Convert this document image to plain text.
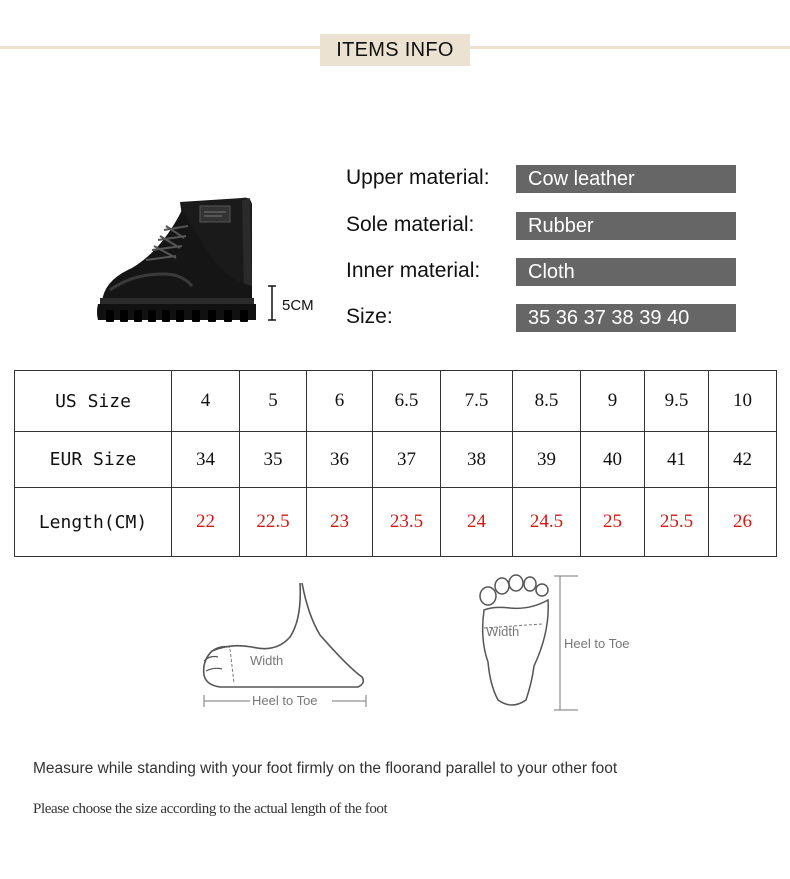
ITEMS INFO
5CM
Upper material:	Cow leather
Sole material:	Rubber
Inner material:	Cloth
Size:	35 36 37 38 39 40
US Size	4	5	6	6.5	7.5	8.5	9	9.5	10
EUR Size	34	35	36	37	38	39	40	41	42
Length(CM)	22	22.5	23	23.5	24	24.5	25	25.5	26
Width
Heel to Toe
Width
Heel to Toe
Measure while standing with your foot firmly on the floorand parallel to your other foot
Please choose the size according to the actual length of the foot
